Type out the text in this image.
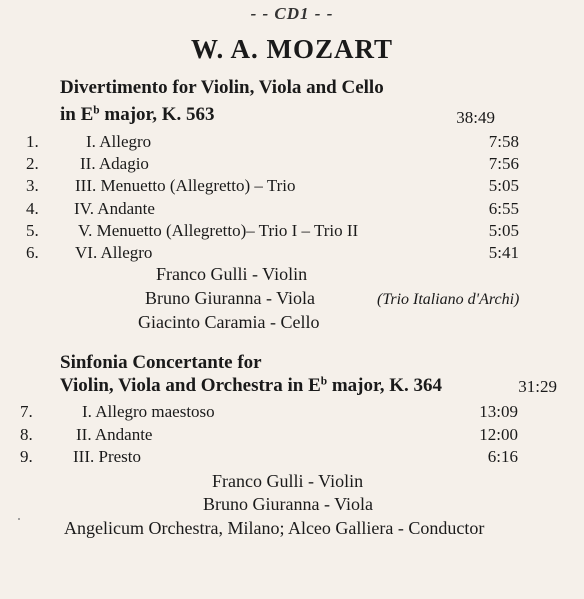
- - CD1 - -
W. A. MOZART
Divertimento for Violin, Viola and Cello
in $E^b$ major, K. 563	38:49
1.	I. Allegro	7:58
2. II. Adagio	7:56
3. III. Menuetto (Allegretto) – Trio	5:05
4. IV. Andante	6:55
5. V. Menuetto (Allegretto)– Trio I – Trio II	5:05
6. VI. Allegro	5:41
Franco Gulli - Violin
Bruno Giuranna - Viola
Giacinto Caramia - Cello
(Trio Italiano d'Archi)
Sinfonia Concertante for
Violin, Viola and Orchestra in $E^b$ major, K. 364	31:29
7.	I. Allegro maestoso	13:09
8.	II. Andante	12:00
9. III. Presto	6:16
Franco Gulli - Violin
Bruno Giuranna - Viola
Angelicum Orchestra, Milano; Alceo Galliera - Conductor
